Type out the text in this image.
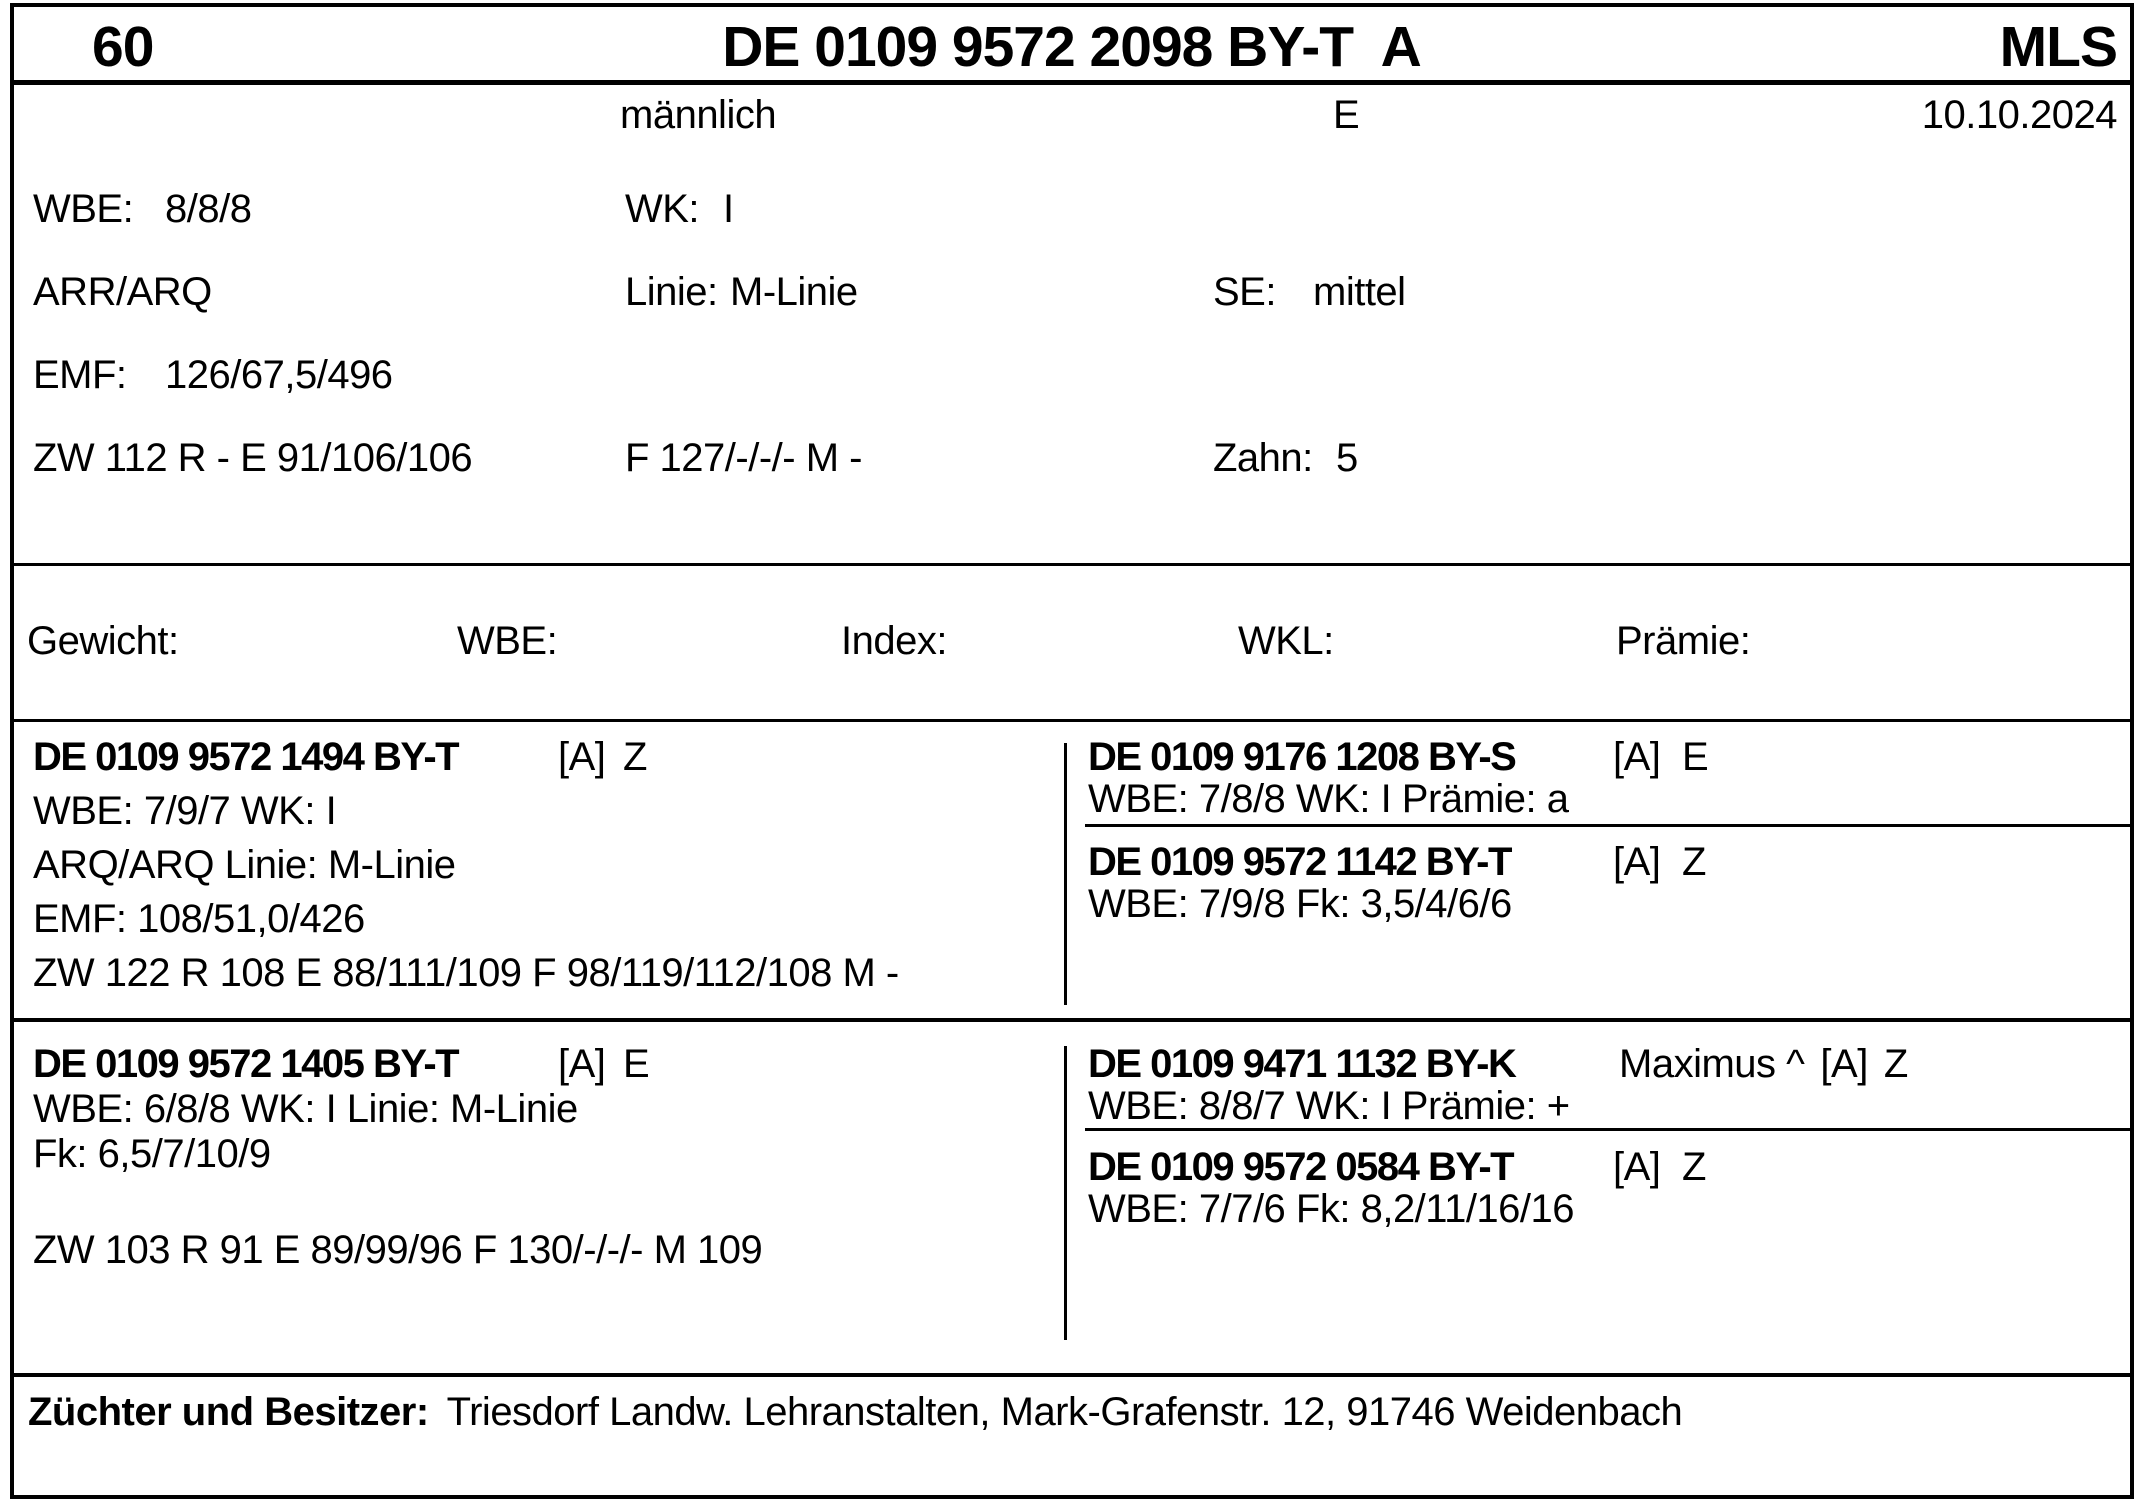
60	DE 0109 9572 2098 BY-T  A	MLS
männlich	E	10.10.2024
WBE: 8/8/8	WK: I
ARR/ARQ	Linie: M-Linie	SE: mittel
EMF: 126/67,5/496
ZW 112 R - E 91/106/106	F 127/-/-/- M -	Zahn: 5
Gewicht:	WBE:	Index:	WKL:	Prämie:
DE 0109 9572 1494 BY-T [A] Z
WBE: 7/9/7 WK: I
ARQ/ARQ Linie: M-Linie
EMF: 108/51,0/426
ZW 122 R 108 E 88/111/109 F 98/119/112/108 M -
DE 0109 9176 1208 BY-S [A] E
WBE: 7/8/8 WK: I Prämie: a
DE 0109 9572 1142 BY-T	[A] Z
WBE: 7/9/8 Fk: 3,5/4/6/6
DE 0109 9572 1405 BY-T [A] E
WBE: 6/8/8 WK: I Linie: M-Linie
Fk: 6,5/7/10/9
ZW 103 R 91 E 89/99/96 F 130/-/-/- M 109
DE 0109 9471 1132 BY-K	Maximus ^ [A] Z
WBE: 8/8/7 WK: I Prämie: +
DE 0109 9572 0584 BY-T [A] Z
WBE: 7/7/6 Fk: 8,2/11/16/16
Züchter und Besitzer: Triesdorf Landw. Lehranstalten, Mark-Grafenstr. 12, 91746 Weidenbach
